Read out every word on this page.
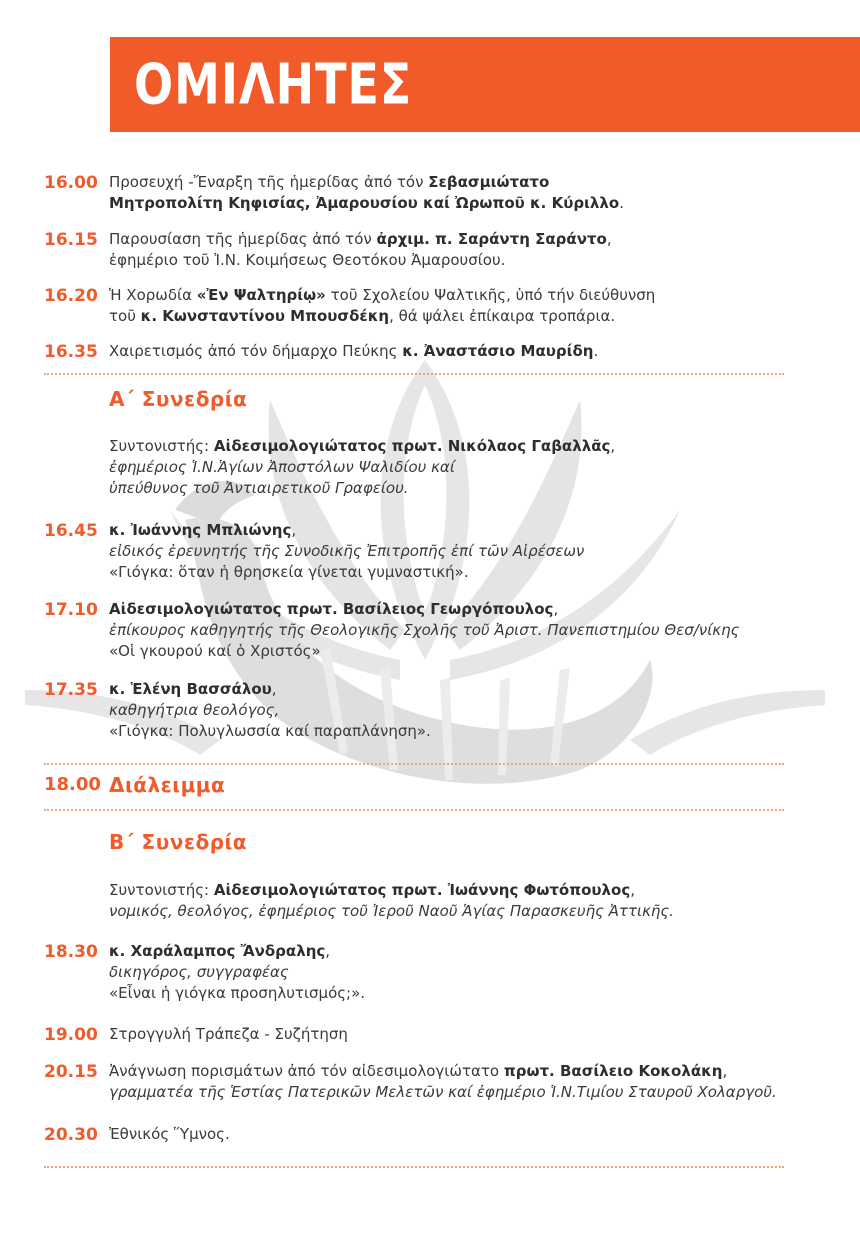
ΟΜΙΛΗΤΕΣ
16.00 Προσευχή -Ἔναρξη τῆς ἡμερίδας ἀπό τόν Σεβασμιώτατο
Μητροπολίτη Κηφισίας, Ἀμαρουσίου καί Ὠρωποῦ κ. Κύριλλο.
16.15 Παρουσίαση τῆς ἡμερίδας ἀπό τόν ἀρχιμ. π. Σαράντη Σαράντο,
ἐφημέριο τοῦ Ἱ.Ν. Κοιμήσεως Θεοτόκου Ἀμαρουσίου.
16.20 Ἡ Χορωδία «Ἐν Ψαλτηρίῳ» τοῦ Σχολείου Ψαλτικῆς, ὑπό τήν διεύθυνση
τοῦ κ. Κωνσταντίνου Μπουσδέκη, θά ψάλει ἐπίκαιρα τροπάρια.
16.35 Χαιρετισμός ἀπό τόν δήμαρχο Πεύκης κ. Ἀναστάσιο Μαυρίδη.
Α΄ Συνεδρία
Συντονιστής: Αἰδεσιμολογιώτατος πρωτ. Νικόλαος Γαβαλλᾶς,
ἐφημέριος Ἱ.Ν.Ἁγίων Ἀποστόλων Ψαλιδίου καί
ὑπεύθυνος τοῦ Ἀντιαιρετικοῦ Γραφείου.
16.45 κ. Ἰωάννης Μπλιώνης,
εἰδικός ἐρευνητής τῆς Συνοδικῆς Ἐπιτροπῆς ἐπί τῶν Αἱρέσεων
«Γιόγκα: ὅταν ἡ θρησκεία γίνεται γυμναστική».
17.10 Αἰδεσιμολογιώτατος πρωτ. Βασίλειος Γεωργόπουλος,
ἐπίκουρος καθηγητής τῆς Θεολογικῆς Σχολῆς τοῦ Ἀριστ. Πανεπιστημίου Θεσ/νίκης
«Οἱ γκουρού καί ὁ Χριστός»
17.35 κ. Ἑλένη Βασσάλου,
καθηγήτρια θεολόγος,
«Γιόγκα: Πολυγλωσσία καί παραπλάνηση».
18.00 Διάλειμμα
Β΄ Συνεδρία
Συντονιστής: Αἰδεσιμολογιώτατος πρωτ. Ἰωάννης Φωτόπουλος,
νομικός, θεολόγος, ἐφημέριος τοῦ Ἱεροῦ Ναοῦ Ἁγίας Παρασκευῆς Ἀττικῆς.
18.30 κ. Χαράλαμπος Ἄνδραλης,
δικηγόρος, συγγραφέας
«Εἶναι ἡ γιόγκα προσηλυτισμός;».
19.00 Στρογγυλή Τράπεζα - Συζήτηση
20.15 Ἀνάγνωση πορισμάτων ἀπό τόν αἰδεσιμολογιώτατο πρωτ. Βασίλειο Κοκολάκη,
γραμματέα τῆς Ἑστίας Πατερικῶν Μελετῶν καί ἐφημέριο Ἱ.Ν.Τιμίου Σταυροῦ Χολαργοῦ.
20.30 Ἐθνικός Ὕμνος.
